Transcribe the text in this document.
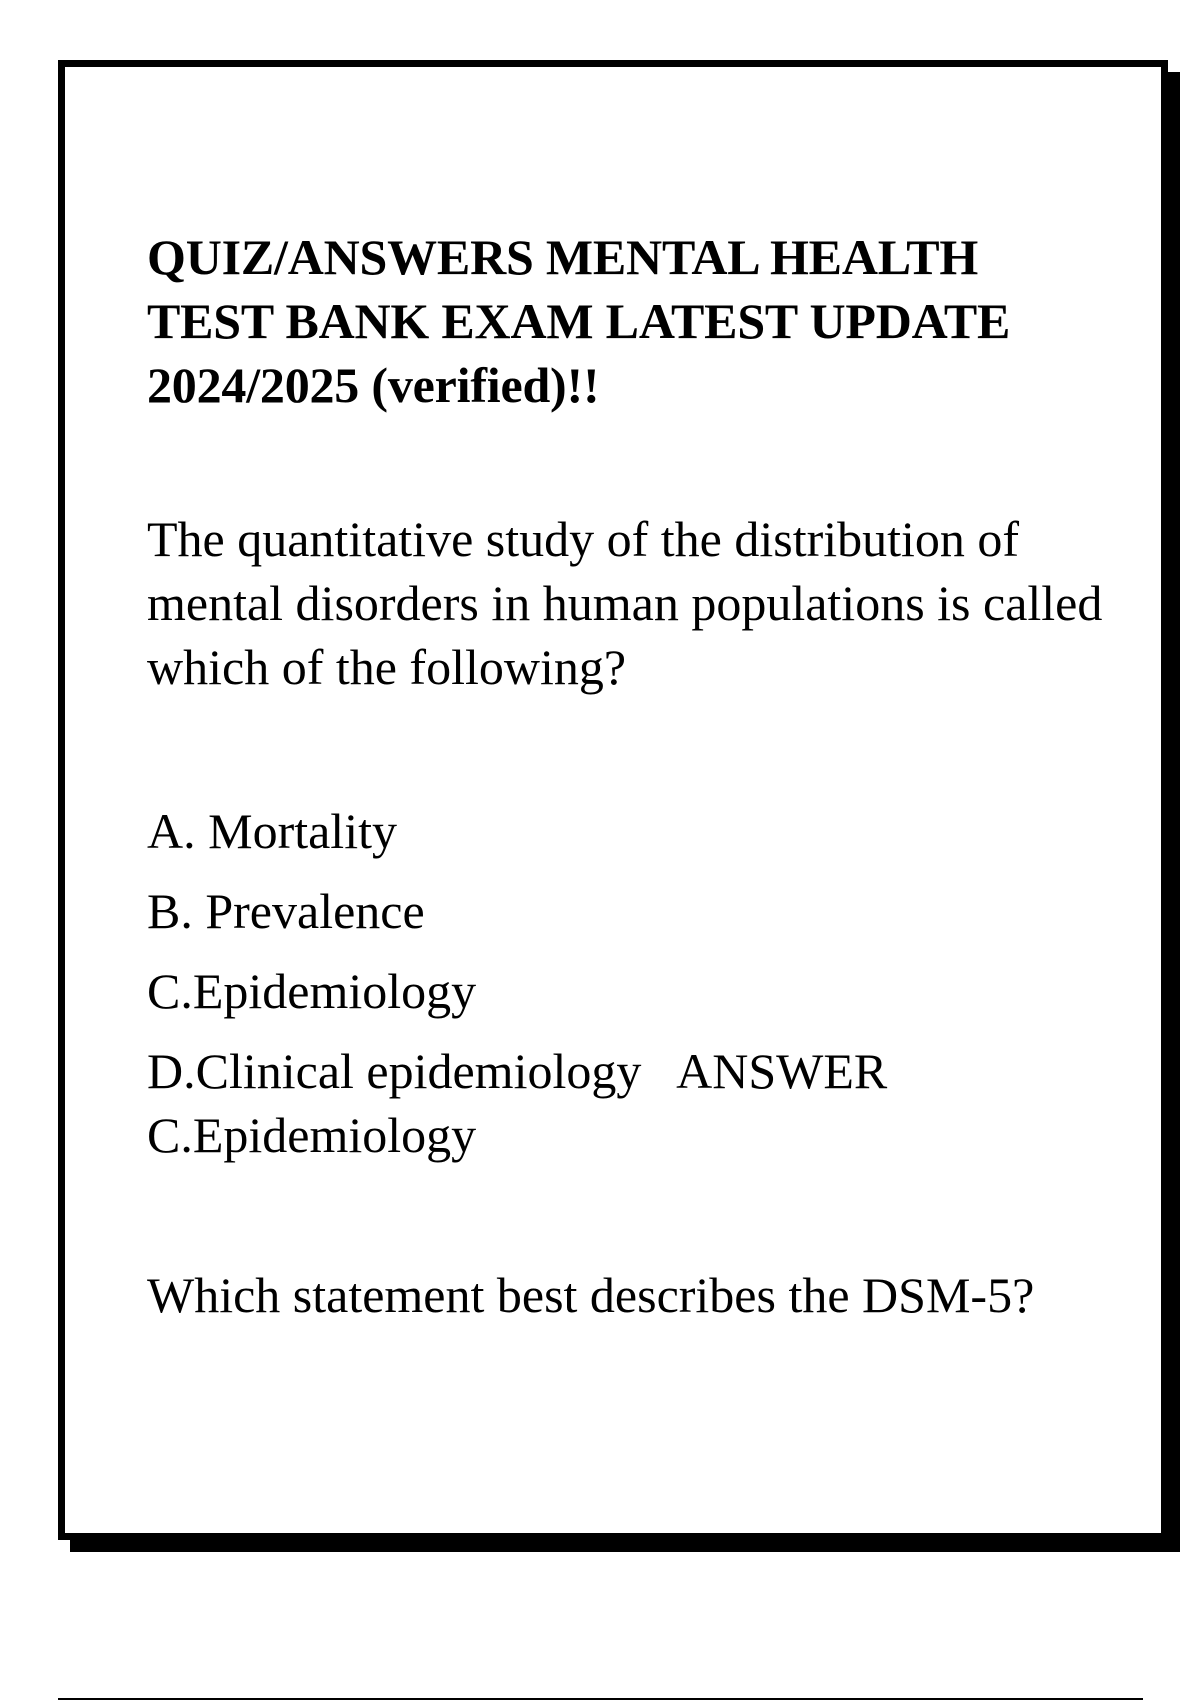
QUIZ/ANSWERS MENTAL HEALTH TEST BANK EXAM LATEST UPDATE 2024/2025 (verified)!!

The quantitative study of the distribution of mental disorders in human populations is called which of the following?

A. Mortality
B. Prevalence
C.Epidemiology

D.Clinical epidemiology   ANSWER
C.Epidemiology

Which statement best describes the DSM-5?
